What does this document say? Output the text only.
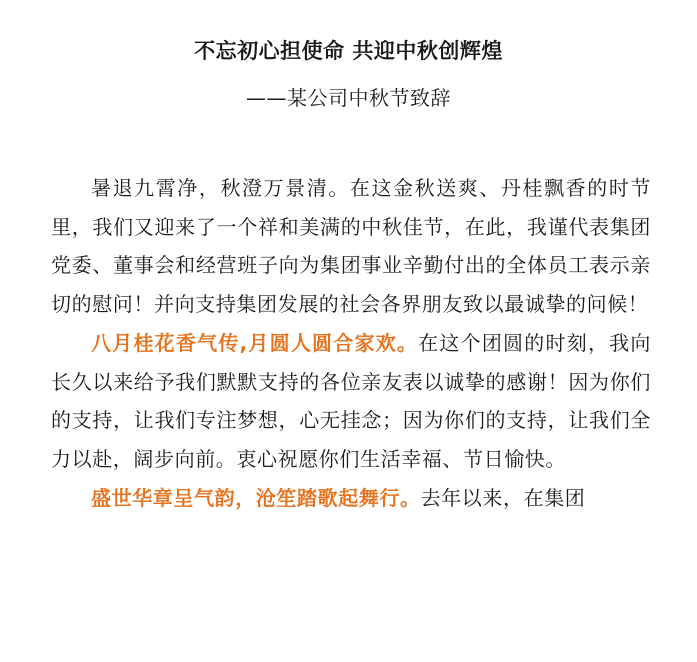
不忘初心担使命 共迎中秋创辉煌
——某公司中秋节致辞

暑退九霄净，秋澄万景清。在这金秋送爽、丹桂飘香的时节里，我们又迎来了一个祥和美满的中秋佳节，在此，我谨代表集团党委、董事会和经营班子向为集团事业辛勤付出的全体员工表示亲切的慰问！并向支持集团发展的社会各界朋友致以最诚挚的问候！

八月桂花香气传,月圆人圆合家欢。在这个团圆的时刻，我向长久以来给予我们默默支持的各位亲友表以诚挚的感谢！因为你们的支持，让我们专注梦想，心无挂念；因为你们的支持，让我们全力以赴，阔步向前。衷心祝愿你们生活幸福、节日愉快。

盛世华章呈气韵，沧笙踏歌起舞行。去年以来，在集团
